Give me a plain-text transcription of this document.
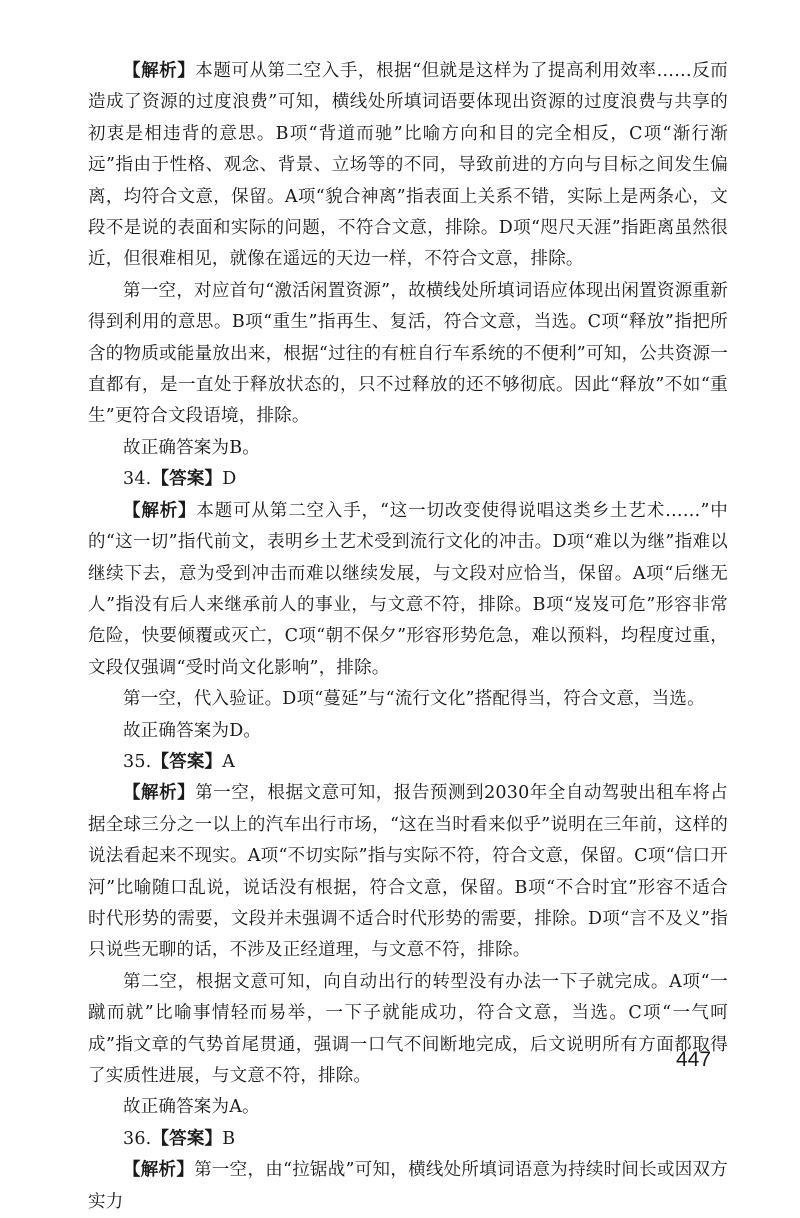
【解析】本题可从第二空入手，根据“但就是这样为了提高利用效率……反而造成了资源的过度浪费”可知，横线处所填词语要体现出资源的过度浪费与共享的初衷是相违背的意思。B项“背道而驰”比喻方向和目的完全相反，C项“渐行渐远”指由于性格、观念、背景、立场等的不同，导致前进的方向与目标之间发生偏离，均符合文意，保留。A项“貌合神离”指表面上关系不错，实际上是两条心，文段不是说的表面和实际的问题，不符合文意，排除。D项“咫尺天涯”指距离虽然很近，但很难相见，就像在遥远的天边一样，不符合文意，排除。

第一空，对应首句“激活闲置资源”，故横线处所填词语应体现出闲置资源重新得到利用的意思。B项“重生”指再生、复活，符合文意，当选。C项“释放”指把所含的物质或能量放出来，根据“过往的有桩自行车系统的不便利”可知，公共资源一直都有，是一直处于释放状态的，只不过释放的还不够彻底。因此“释放”不如“重生”更符合文段语境，排除。

故正确答案为B。

34.【答案】D

【解析】本题可从第二空入手，“这一切改变使得说唱这类乡土艺术……”中的“这一切”指代前文，表明乡土艺术受到流行文化的冲击。D项“难以为继”指难以继续下去，意为受到冲击而难以继续发展，与文段对应恰当，保留。A项“后继无人”指没有后人来继承前人的事业，与文意不符，排除。B项“岌岌可危”形容非常危险，快要倾覆或灭亡，C项“朝不保夕”形容形势危急，难以预料，均程度过重，文段仅强调“受时尚文化影响”，排除。

第一空，代入验证。D项“蔓延”与“流行文化”搭配得当，符合文意，当选。

故正确答案为D。

35.【答案】A

【解析】第一空，根据文意可知，报告预测到2030年全自动驾驶出租车将占据全球三分之一以上的汽车出行市场，“这在当时看来似乎”说明在三年前，这样的说法看起来不现实。A项“不切实际”指与实际不符，符合文意，保留。C项“信口开河”比喻随口乱说，说话没有根据，符合文意，保留。B项“不合时宜”形容不适合时代形势的需要，文段并未强调不适合时代形势的需要，排除。D项“言不及义”指只说些无聊的话，不涉及正经道理，与文意不符，排除。

第二空，根据文意可知，向自动出行的转型没有办法一下子就完成。A项“一蹴而就”比喻事情轻而易举，一下子就能成功，符合文意，当选。C项“一气呵成”指文章的气势首尾贯通，强调一口气不间断地完成，后文说明所有方面都取得了实质性进展，与文意不符，排除。

故正确答案为A。

36.【答案】B

【解析】第一空，由“拉锯战”可知，横线处所填词语意为持续时间长或因双方实力

447
